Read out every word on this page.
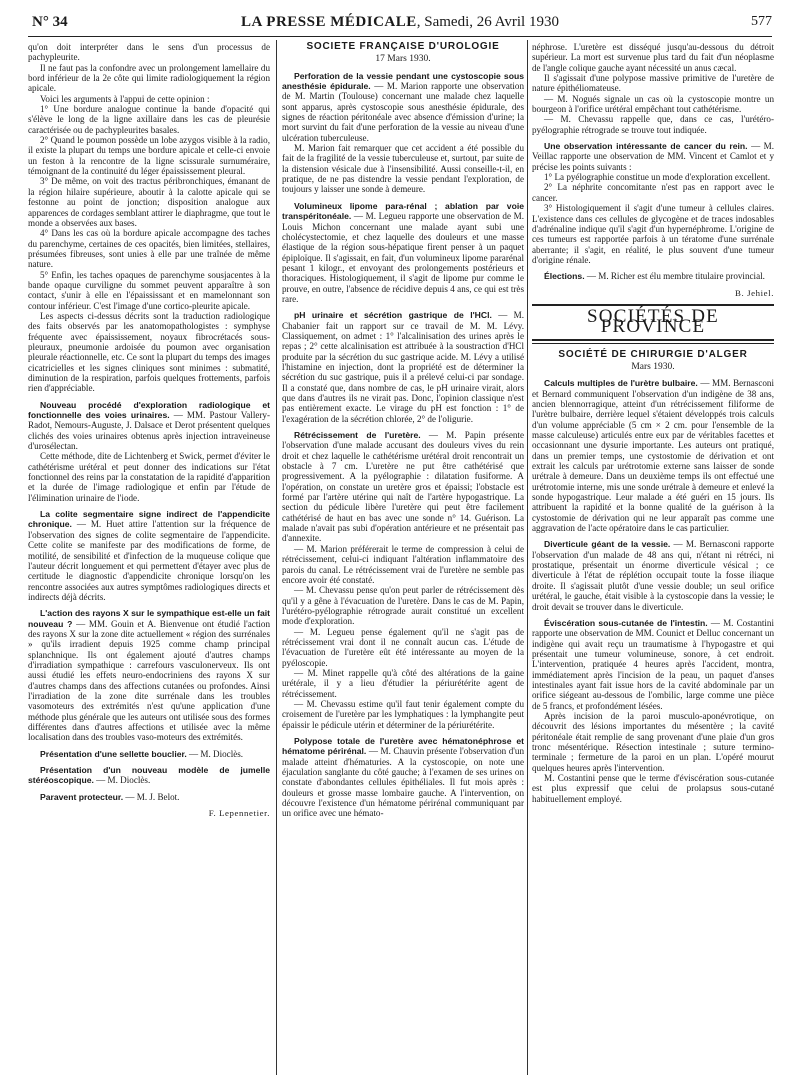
N° 34	LA PRESSE MÉDICALE, Samedi, 26 Avril 1930	577

qu'on doit interpréter dans le sens d'un processus de pachypleurite.

Il ne faut pas la confondre avec un prolongement lamellaire du bord inférieur de la 2e côte qui limite radiologiquement la région apicale.

Voici les arguments à l'appui de cette opinion :

1° Une bordure analogue continue la bande d'opacité qui s'élève le long de la ligne axillaire dans les cas de pleurésie caractérisée ou de pachypleurites basales.

2° Quand le poumon possède un lobe azygos visible à la radio, il existe la plupart du temps une bordure apicale et celle-ci envoie un feston à la rencontre de la ligne scissurale surnuméraire, témoignant de la continuité du léger épaississement pleural.

3° De même, on voit des tractus péribronchiques, émanant de la région hilaire supérieure, aboutir à la calotte apicale qui se festonne au point de jonction; disposition analogue aux apparences de cordages semblant attirer le diaphragme, que tout le monde a observées aux bases.

4° Dans les cas où la bordure apicale accompagne des taches du parenchyme, certaines de ces opacités, bien limitées, stellaires, présumées fibreuses, sont unies à elle par une traînée de même nature.

5° Enfin, les taches opaques de parenchyme sousjacentes à la bande opaque curviligne du sommet peuvent apparaître à son contact, s'unir à elle en l'épaississant et en mamelonnant son contour inférieur. C'est l'image d'une cortico-pleurite apicale.

Les aspects ci-dessus décrits sont la traduction radiologique des faits observés par les anatomopathologistes : symphyse fréquente avec épaississement, noyaux fibrocrétacés sous-pleuraux, pneumonie ardoisée du poumon avec organisation pleurale réactionnelle, etc. Ce sont la plupart du temps des images cicatricielles et les signes cliniques sont minimes : submatité, diminution de la respiration, parfois quelques frottements, parfois rien d'appréciable.

Nouveau procédé d'exploration radiologique et fonctionnelle des voies urinaires. — MM. Pastour Vallery-Radot, Nemours-Auguste, J. Dalsace et Derot présentent quelques clichés des voies urinaires obtenus après injection intraveineuse d'urosélectan.

Cette méthode, dite de Lichtenberg et Swick, permet d'éviter le cathétérisme urétéral et peut donner des indications sur l'état fonctionnel des reins par la constatation de la rapidité d'apparition et la durée de l'image radiologique et enfin par l'étude de l'élimination urinaire de l'iode.

La colite segmentaire signe indirect de l'appendicite chronique. — M. Huet attire l'attention sur la fréquence de l'observation des signes de colite segmentaire de l'appendicite. Cette colite se manifeste par des modifications de forme, de motilité, de sensibilité et d'infection de la muqueuse colique que l'auteur décrit longuement et qui permettent d'étayer avec plus de certitude le diagnostic d'appendicite chronique lorsqu'on les rencontre associées aux autres symptômes radiologiques directs et indirects déjà décrits.

L'action des rayons X sur le sympathique est-elle un fait nouveau ? — MM. Gouin et A. Bienvenue ont étudié l'action des rayons X sur la zone dite actuellement « région des surrénales » qu'ils irradient depuis 1925 comme champ principal splanchnique. Ils ont également ajouté d'autres champs d'irradiation sympathique : carrefours vasculonerveux. Ils ont aussi étudié les effets neuro-endocriniens des rayons X sur d'autres champs dans des affections cutanées ou profondes. Ainsi l'irradiation de la zone dite surrénale dans les troubles vasomoteurs des extrémités n'est qu'une application d'une méthode plus générale que les auteurs ont utilisée sous des formes différentes dans d'autres affections et utilisée avec la même localisation dans des troubles vaso-moteurs des extrémités.

Présentation d'une sellette bouclier. — M. Dioclès.

Présentation d'un nouveau modèle de jumelle stéréoscopique. — M. Dioclès.

Paravent protecteur. — M. J. Belot.

F. Lepennetier.
SOCIÉTÉ FRANÇAISE D'UROLOGIE
17 Mars 1930.

Perforation de la vessie pendant une cystoscopie sous anesthésie épidurale. — M. Marion rapporte une observation de M. Martin (Toulouse) concernant une malade chez laquelle sont apparus, après cystoscopie sous anesthésie épidurale, des signes de réaction péritonéale avec absence d'émission d'urine; la mort survint du fait d'une perforation de la vessie au niveau d'une ulcération tuberculeuse.

M. Marion fait remarquer que cet accident a été possible du fait de la fragilité de la vessie tuberculeuse et, surtout, par suite de la distension vésicale due à l'insensibilité. Aussi conseille-t-il, en pratique, de ne pas distendre la vessie pendant l'exploration, de toujours y laisser une sonde à demeure.

Volumineux lipome para-rénal ; ablation par voie transpéritonéale. — M. Legueu rapporte une observation de M. Louis Michon concernant une malade ayant subi une cholécystectomie, et chez laquelle des douleurs et une masse élastique de la région sous-hépatique firent penser à un paquet épiploïque. Il s'agissait, en fait, d'un volumineux lipome pararénal pesant 1 kilogr., et envoyant des prolongements postérieurs et thoraciques. Histologiquement, il s'agit de lipome pur comme le prouve, en outre, l'absence de récidive depuis 4 ans, ce qui est très rare.

pH urinaire et sécrétion gastrique de l'HCl. — M. Chabanier fait un rapport sur ce travail de M. M. Lévy. Classiquement, on admet : 1° l'alcalinisation des urines après le repas ; 2° cette alcalinisation est attribuée à la soustraction d'HCl produite par la sécrétion du suc gastrique acide. M. Lévy a utilisé l'histamine en injection, dont la propriété est de déterminer la sécrétion du suc gastrique, puis il a prélevé celui-ci par sondage. Il a constaté que, dans nombre de cas, le pH urinaire virait, alors que dans d'autres ils ne virait pas. Donc, l'opinion classique n'est pas entièrement exacte. Le virage du pH est fonction : 1° de l'exagération de la sécrétion chlorée, 2° de l'oligurie.

Rétrécissement de l'uretère. — M. Papin présente l'observation d'une malade accusant des douleurs vives du rein droit et chez laquelle le cathétérisme urétéral droit rencontrait un obstacle à 7 cm. L'uretère ne put être cathétérisé que progressivement. A la pyélographie : dilatation fusiforme. A l'opération, on constate un uretère gros et épaissi; l'obstacle est formé par l'artère utérine qui naît de l'artère hypogastrique. La section du pédicule libère l'uretère qui peut être facilement cathétérisé de haut en bas avec une sonde n° 14. Guérison. La malade n'avait pas subi d'opération antérieure et ne présentait pas d'annexite.

— M. Marion préférerait le terme de compression à celui de rétrécissement, celui-ci indiquant l'altération inflammatoire des parois du canal. Le rétrécissement vrai de l'uretère ne semble pas encore avoir été constaté.

— M. Chevassu pense qu'on peut parler de rétrécissement dès qu'il y a gêne à l'évacuation de l'uretère. Dans le cas de M. Papin, l'urétéro-pyélographie rétrograde aurait constitué un excellent mode d'exploration.

— M. Legueu pense également qu'il ne s'agit pas de rétrécissement vrai dont il ne connaît aucun cas. L'étude de l'évacuation de l'uretère eût été intéressante au moyen de la pyéloscopie.

— M. Minet rappelle qu'à côté des altérations de la gaine urétérale, il y a lieu d'étudier la périurétérite agent de rétrécissement.

— M. Chevassu estime qu'il faut tenir également compte du croisement de l'uretère par les lymphatiques : la lymphangite peut épaissir le pédicule utérin et déterminer de la périurétérite.

Polypose totale de l'uretère avec hématonéphrose et hématome périrénal. — M. Chauvin présente l'observation d'un malade atteint d'hématuries. A la cystoscopie, on note une éjaculation sanglante du côté gauche; à l'examen de ses urines on constate d'abondantes cellules épithéliales. Il fut mois après : douleurs et grosse masse lombaire gauche. A l'intervention, on découvre l'existence d'un hématome périrénal communiquant par un orifice avec une hémato-

néphrose. L'uretère est disséqué jusqu'au-dessous du détroit supérieur. La mort est survenue plus tard du fait d'un néoplasme de l'angle colique gauche ayant nécessité un anus cæcal.

Il s'agissait d'une polypose massive primitive de l'uretère de nature épithéliomateuse.

— M. Nogués signale un cas où la cystoscopie montre un bourgeon à l'orifice urétéral empêchant tout cathétérisme.

— M. Chevassu rappelle que, dans ce cas, l'urétéro-pyélographie rétrograde se trouve tout indiquée.

Une observation intéressante de cancer du rein. — M. Veillac rapporte une observation de MM. Vincent et Camlot et y précise les points suivants :

1° La pyélographie constitue un mode d'exploration excellent.

2° La néphrite concomitante n'est pas en rapport avec le cancer.

3° Histologiquement il s'agit d'une tumeur à cellules claires. L'existence dans ces cellules de glycogène et de traces indosables d'adrénaline indique qu'il s'agit d'un hypernéphrome. L'origine de ces tumeurs est rapportée parfois à un tératome d'une surrénale aberrante; il s'agit, en réalité, le plus souvent d'une tumeur d'origine rénale.

Élections. — M. Richer est élu membre titulaire provincial.

B. Jehiel.
SOCIÉTÉS DE PROVINCE
SOCIÉTÉ DE CHIRURGIE D'ALGER
Mars 1930.

Calculs multiples de l'urètre bulbaire. — MM. Bernasconi et Bernard communiquent l'observation d'un indigène de 38 ans, ancien blennorragique, atteint d'un rétrécissement filiforme de l'urètre bulbaire, derrière lequel s'étaient développés trois calculs d'un volume appréciable (5 cm × 2 cm. pour l'ensemble de la masse calculeuse) articulés entre eux par de véritables facettes et occasionnant une dysurie importante. Les auteurs ont pratiqué, dans un premier temps, une cystostomie de dérivation et ont extrait les calculs par urétrotomie externe sans laisser de sonde urétrale à demeure. Dans un deuxième temps ils ont effectué une urétrotomie interne, mis une sonde urétrale à demeure et enlevé la sonde hypogastrique. Leur malade a été guéri en 15 jours. Ils attribuent la rapidité et la bonne qualité de la guérison à la cystostomie de dérivation qui ne leur apparaît pas comme une aggravation de l'acte opératoire dans le cas particulier.

Diverticule géant de la vessie. — M. Bernasconi rapporte l'observation d'un malade de 48 ans qui, n'étant ni rétréci, ni prostatique, présentait un énorme diverticule vésical ; ce diverticule à l'état de réplétion occupait toute la fosse iliaque droite. Il s'agissait plutôt d'une vessie double; un seul orifice urétéral, le gauche, était visible à la cystoscopie dans la vessie; le droit devait se trouver dans le diverticule.

Éviscération sous-cutanée de l'intestin. — M. Costantini rapporte une observation de MM. Counict et Delluc concernant un indigène qui avait reçu un traumatisme à l'hypogastre et qui présentait une tumeur volumineuse, sonore, à cet endroit. L'intervention, pratiquée 4 heures après l'accident, montra, immédiatement après l'incision de la peau, un paquet d'anses intestinales ayant fait issue hors de la cavité abdominale par un orifice siégeant au-dessous de l'ombilic, large comme une pièce de 5 francs, et profondément lésées.

Après incision de la paroi musculo-aponévrotique, on découvrit des lésions importantes du mésentère ; la cavité péritonéale était remplie de sang provenant d'une plaie d'un gros tronc mésentérique. Résection intestinale ; suture termino-terminale ; fermeture de la paroi en un plan. L'opéré mourut quelques heures après l'intervention.

M. Costantini pense que le terme d'éviscération sous-cutanée est plus expressif que celui de prolapsus sous-cutané habituellement employé.
